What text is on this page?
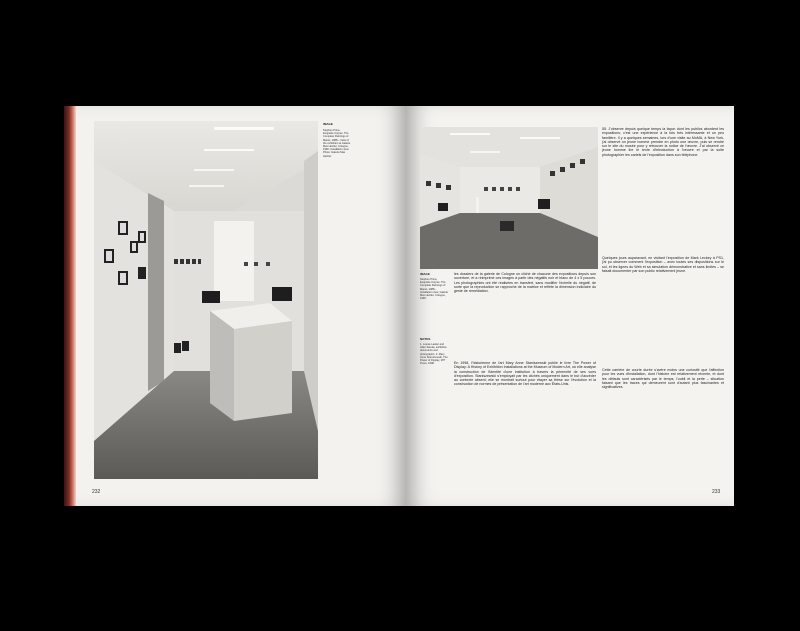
IMAGE
Stephen Prina, Exquisite Corpse: The Complete Paintings of Manet, 1988–. View of the exhibition at Galerie Max Hetzler, Cologne, 1990. Installation view. Photo: Galerie Max Hetzler.
232
IMAGE
Stephen Prina, Exquisite Corpse: The Complete Paintings of Manet, 1988–. Installation view, Galerie Max Hetzler, Cologne, 1990.
NOTES
1. Louise Lawler and Allan Sekula, exhibition documents and photographs. 2. Mary Anne Staniszewski, The Power of Display, MIT Press, 1998.
les dossiers de la galerie de Cologne un cliché de chacune des expositions depuis son ouverture, et a réimprimé ces images à partir des négatifs noir et blanc de 4 x 5 pouces. Les photographies ont été réalisées en transfert, sans modifier l'échelle du négatif, de sorte que la reproduction se rapproche de la matrice et reflète la dimension indiciaire du geste de remédiation.
En 1998, l'historienne de l'art Mary Anne Staniszewski publie le livre The Power of Display: A History of Exhibition Installations at the Museum of Modern Art, où elle analyse la construction de l'identité d'une institution à travers la pérennité de ses vues d'exposition. Staniszewski s'employait par les clichés uniquement dans le but d'accéder au contexte absent; elle se montrait surtout pour étayer sa thèse sur l'évolution et la construction de normes de présentation de l'art moderne aux États-Unis.
55. J'observe depuis quelque temps la façon dont les publics abordent les expositions; c'est une expérience à la fois très intéressante et un peu familière. Il y a quelques semaines, lors d'une visite au MoMA, à New York, j'ai observé un jeune homme prendre en photo une œuvre, puis se rendre sur le site du musée pour y retrouver la notice de l'œuvre. J'ai observé ce jeune homme lire le texte d'introduction à l'œuvre et par la suite photographier les cartels de l'exposition dans son téléphone.
Quelques jours auparavant, en visitant l'exposition de Mark Leckey à PS1, j'ai pu observer comment l'exposition – avec toutes ses dispositions sur le sol, et les lignes du Web et sa simulation démonstrative et sans limites – se faisait documenter par son public relativement jeune.
Cette carrière de courte durée s'avère moins une curiosité que l'affection pour les vues d'installation, dont l'histoire est relativement récente, et dont les défauts sont caractérisés par le temps, l'oubli et la perte – situation faisant que les traces qui demeurent sont d'autant plus fascinantes et significatives.
233
